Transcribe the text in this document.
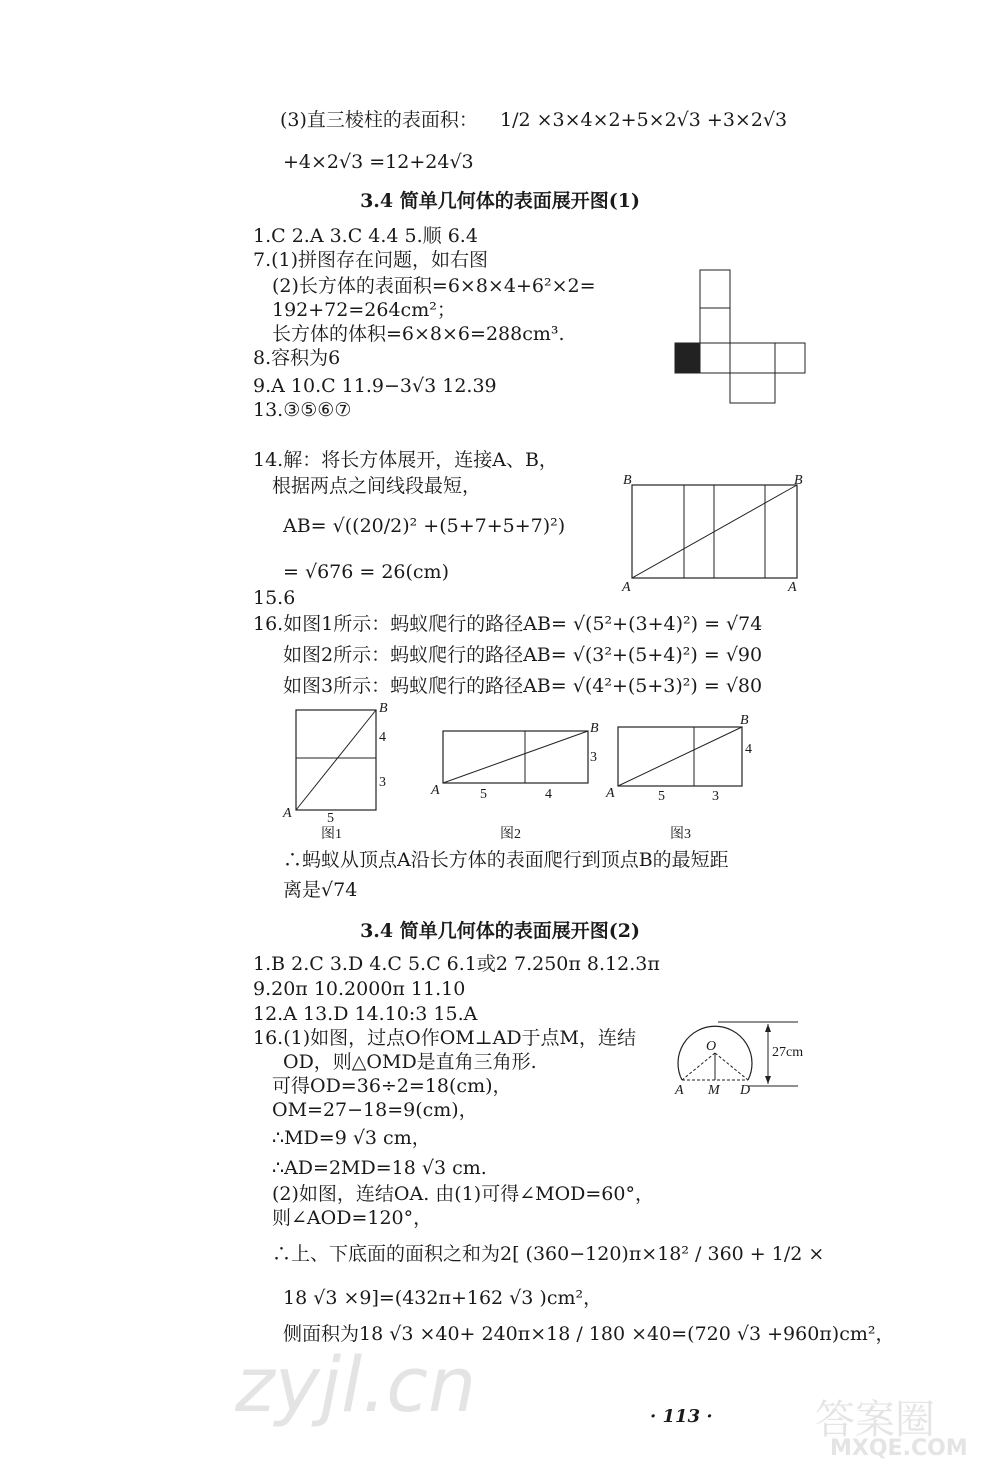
zyjl.cn	答案圈
MXQE.COM
(3)直三棱柱的表面积： 1/2 ×3×4×2+5×2√3 +3×2√3
+4×2√3 =12+24√3
3.4 简单几何体的表面展开图(1)
1.C 2.A 3.C 4.4 5.顺 6.4
7.(1)拼图存在问题，如右图
(2)长方体的表面积=6×8×4+6²×2=
192+72=264cm²；
长方体的体积=6×8×6=288cm³.
8.容积为6
9.A 10.C 11.9−3√3 12.39
13.③⑤⑥⑦
14.解：将长方体展开，连接A、B，
根据两点之间线段最短，
AB= √((20/2)² +(5+7+5+7)²)
= √676 = 26(cm)
15.6
B	B
A	A
16.如图1所示：蚂蚁爬行的路径AB= √(5²+(3+4)²) = √74
如图2所示：蚂蚁爬行的路径AB= √(3²+(5+4)²) = √90
如图3所示：蚂蚁爬行的路径AB= √(4²+(5+3)²) = √80
B
A
4
3
5
图1
B
A
3
5	4
图2
B
A
4
5	3
图3
∴蚂蚁从顶点A沿长方体的表面爬行到顶点B的最短距
离是√74
3.4 简单几何体的表面展开图(2)
1.B 2.C 3.D 4.C 5.C 6.1或2 7.250π 8.12.3π
9.20π 10.2000π 11.10
12.A 13.D 14.10:3 15.A
16.(1)如图，过点O作OM⊥AD于点M，连结
OD，则△OMD是直角三角形.
可得OD=36÷2=18(cm)，
OM=27−18=9(cm)，
∴MD=9 √3 cm，
∴AD=2MD=18 √3 cm.
(2)如图，连结OA. 由(1)可得∠MOD=60°，
则∠AOD=120°，
∴上、下底面的面积之和为2[ (360−120)π×18² / 360 + 1/2 ×
18 √3 ×9]=(432π+162 √3 )cm²，
侧面积为18 √3 ×40+ 240π×18 / 180 ×40=(720 √3 +960π)cm²，
27cm
O
A M D
· 113 ·
